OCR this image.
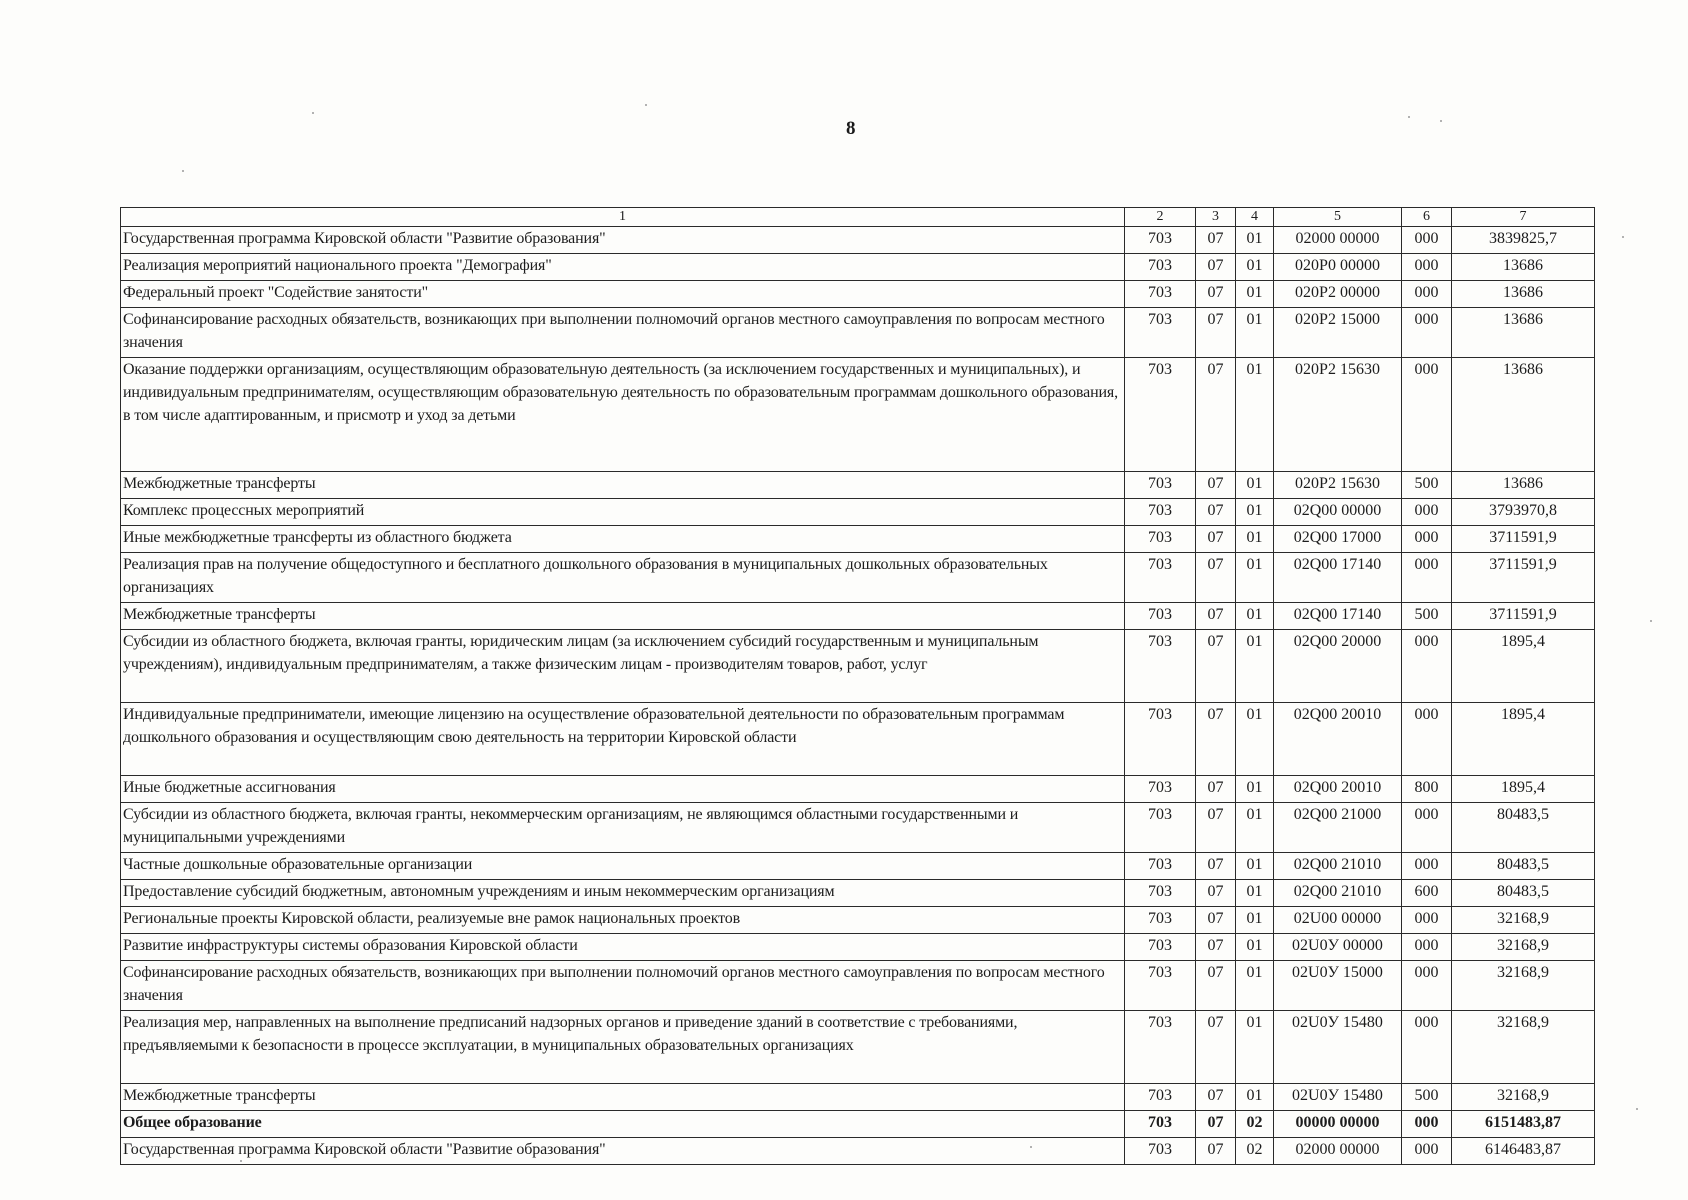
8
1	2	3	4	5	6	7
Государственная программа Кировской области "Развитие образования"	703	07	01	02000 00000	000	3839825,7
Реализация мероприятий национального проекта "Демография"	703	07	01	020P0 00000	000	13686
Федеральный проект "Содействие занятости"	703	07	01	020P2 00000	000	13686
Софинансирование расходных обязательств, возникающих при выполнении полномочий органов местного самоуправления по вопросам местного значения	703	07	01	020P2 15000	000	13686
Оказание поддержки организациям, осуществляющим образовательную деятельность (за исключением государственных и муниципальных), и индивидуальным предпринимателям, осуществляющим образовательную деятельность по образовательным программам дошкольного образования, в том числе адаптированным, и присмотр и уход за детьми	703	07	01	020P2 15630	000	13686
Межбюджетные трансферты	703	07	01	020P2 15630	500	13686
Комплекс процессных мероприятий	703	07	01	02Q00 00000	000	3793970,8
Иные межбюджетные трансферты из областного бюджета	703	07	01	02Q00 17000	000	3711591,9
Реализация прав на получение общедоступного и бесплатного дошкольного образования в муниципальных дошкольных образовательных организациях	703	07	01	02Q00 17140	000	3711591,9
Межбюджетные трансферты	703	07	01	02Q00 17140	500	3711591,9
Субсидии из областного бюджета, включая гранты, юридическим лицам (за исключением субсидий государственным и муниципальным учреждениям), индивидуальным предпринимателям, а также физическим лицам - производителям товаров, работ, услуг	703	07	01	02Q00 20000	000	1895,4
Индивидуальные предприниматели, имеющие лицензию на осуществление образовательной деятельности по образовательным программам дошкольного образования и осуществляющим свою деятельность на территории Кировской области	703	07	01	02Q00 20010	000	1895,4
Иные бюджетные ассигнования	703	07	01	02Q00 20010	800	1895,4
Субсидии из областного бюджета, включая гранты, некоммерческим организациям, не являющимся областными государственными и муниципальными учреждениями	703	07	01	02Q00 21000	000	80483,5
Частные дошкольные образовательные организации	703	07	01	02Q00 21010	000	80483,5
Предоставление субсидий бюджетным, автономным учреждениям и иным некоммерческим организациям	703	07	01	02Q00 21010	600	80483,5
Региональные проекты Кировской области, реализуемые вне рамок национальных проектов	703	07	01	02U00 00000	000	32168,9
Развитие инфраструктуры системы образования Кировской области	703	07	01	02U0У 00000	000	32168,9
Софинансирование расходных обязательств, возникающих при выполнении полномочий органов местного самоуправления по вопросам местного значения	703	07	01	02U0У 15000	000	32168,9
Реализация мер, направленных на выполнение предписаний надзорных органов и приведение зданий в соответствие с требованиями, предъявляемыми к безопасности в процессе эксплуатации, в муниципальных образовательных организациях	703	07	01	02U0У 15480	000	32168,9
Межбюджетные трансферты	703	07	01	02U0У 15480	500	32168,9
Общее образование	703	07	02	00000 00000	000	6151483,87
Государственная программа Кировской области "Развитие образования"	703	07	02	02000 00000	000	6146483,87
